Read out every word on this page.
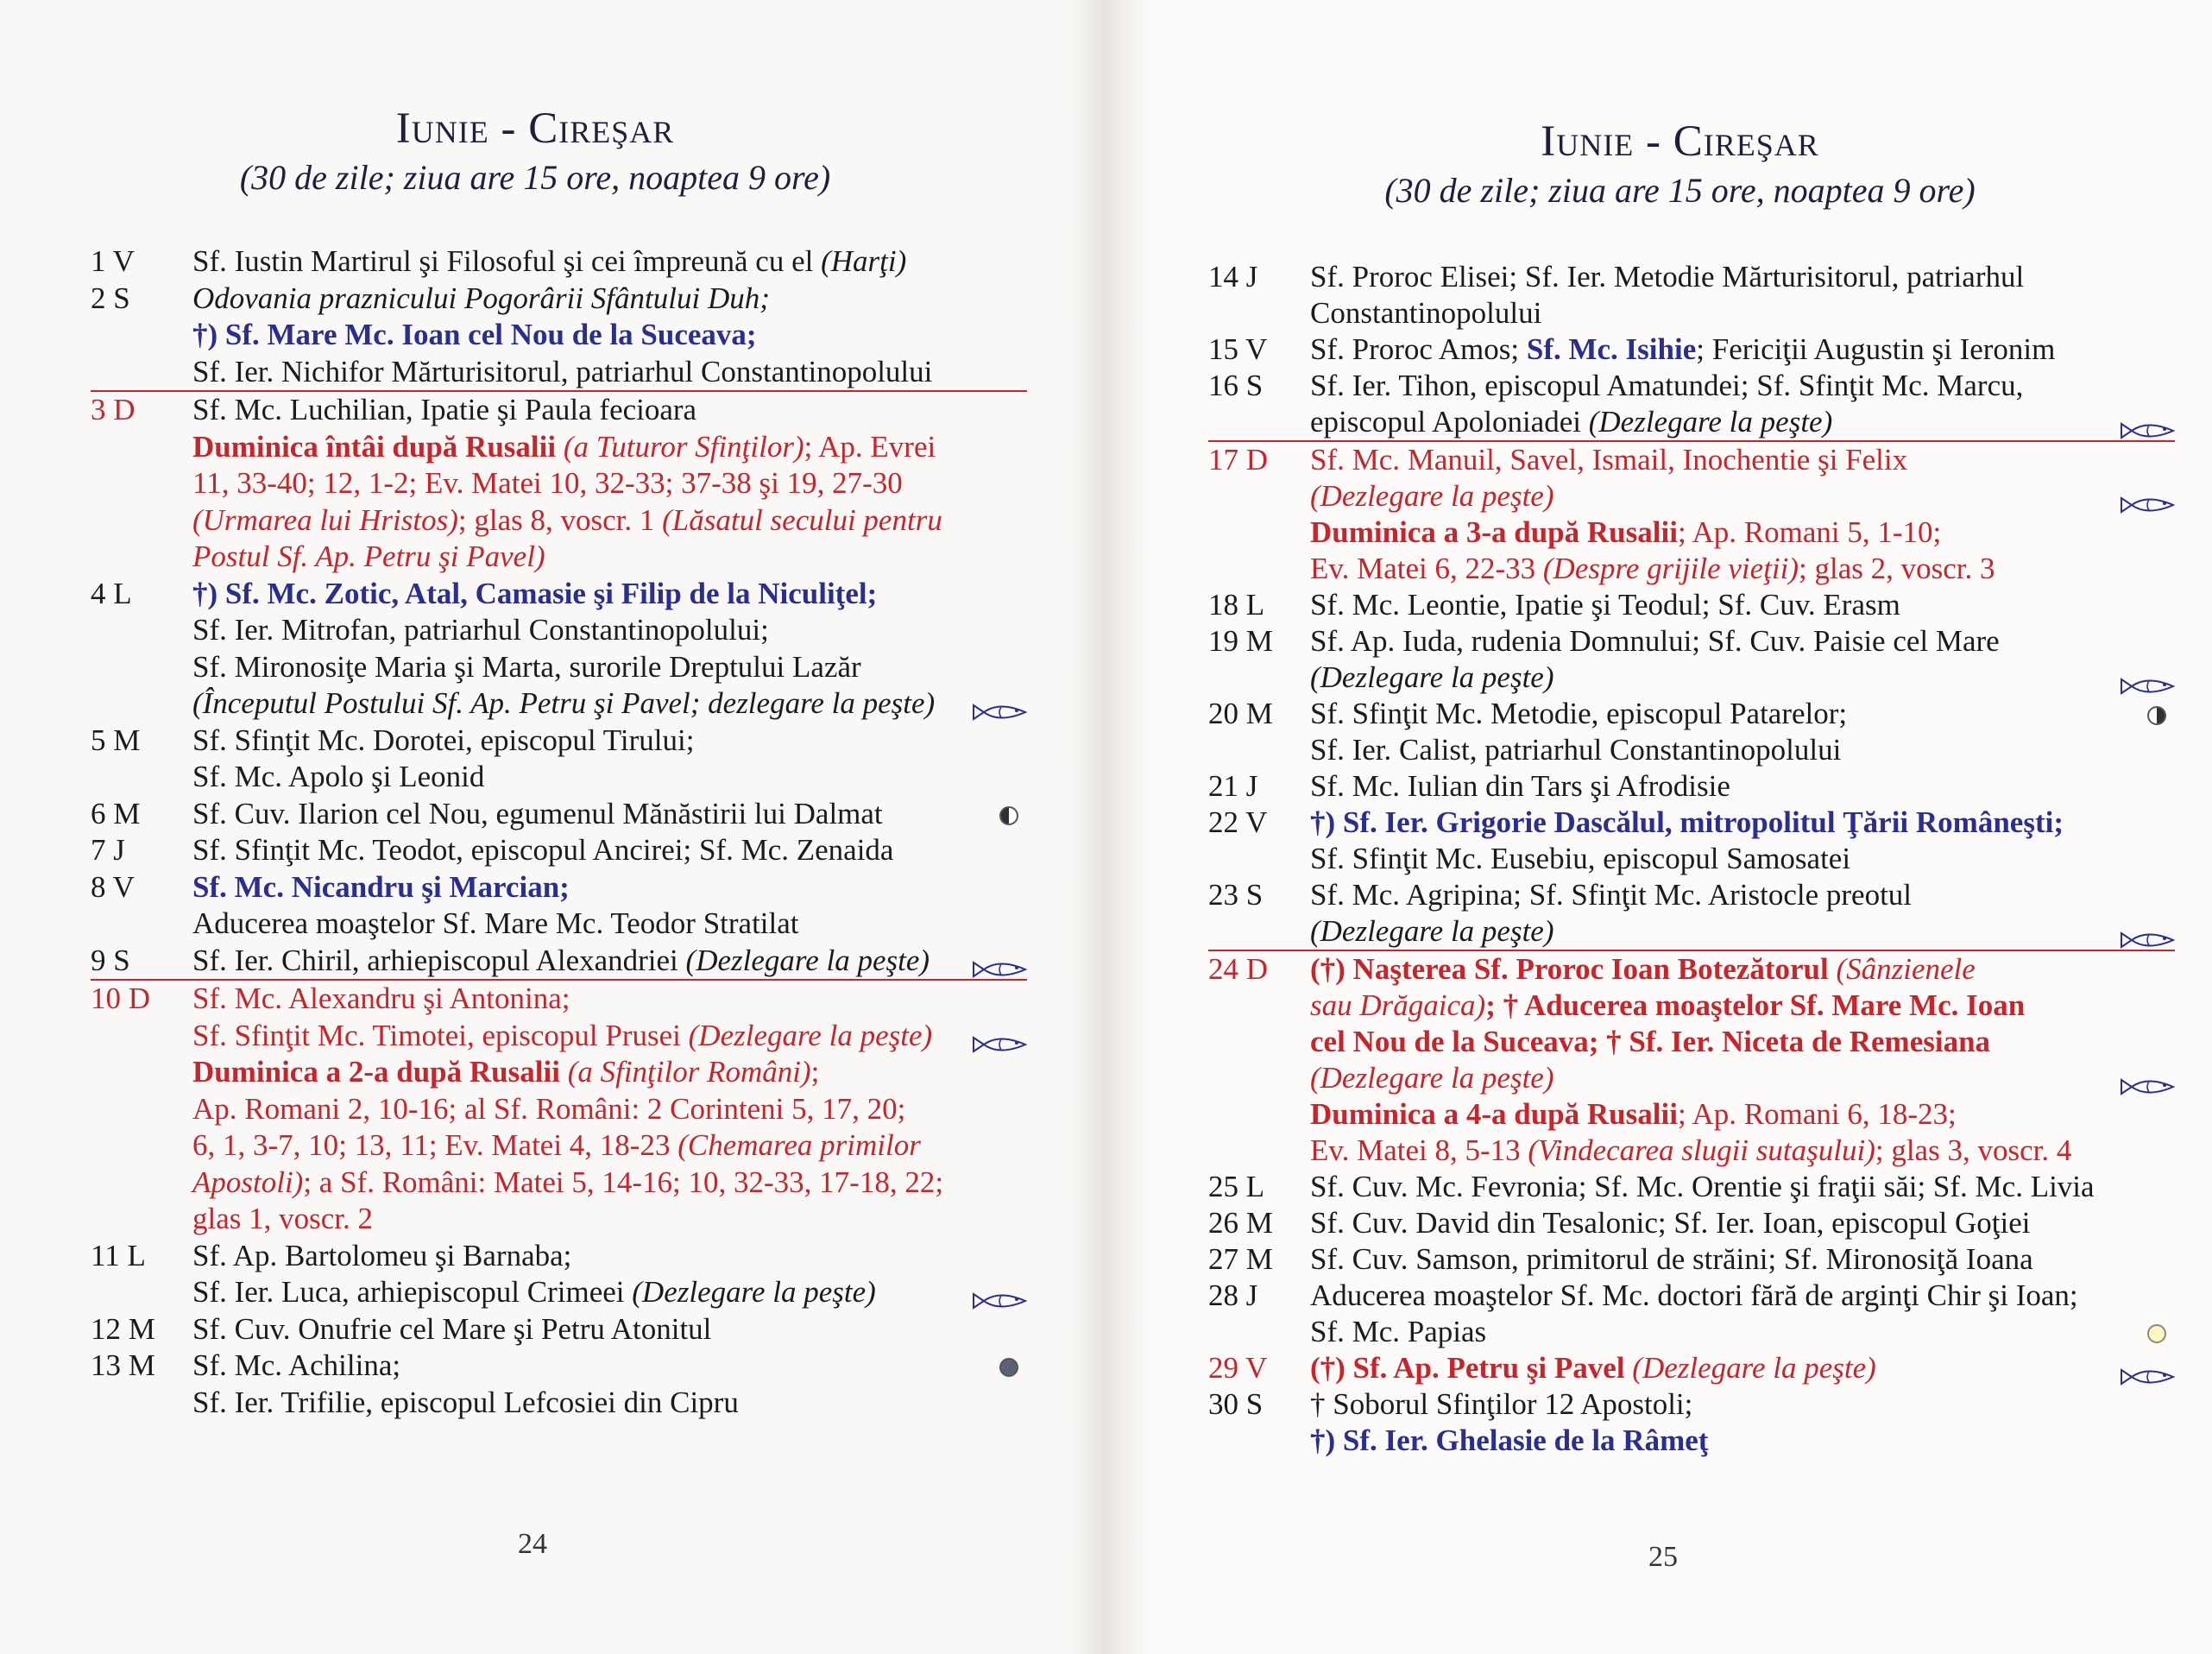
Iunie - Cireşar
(30 de zile; ziua are 15 ore, noaptea 9 ore)
1 V	Sf. Iustin Martirul şi Filosoful şi cei împreună cu el (Harţi)
2 S	Odovania praznicului Pogorârii Sfântului Duh;
†) Sf. Mare Mc. Ioan cel Nou de la Suceava;
Sf. Ier. Nichifor Mărturisitorul, patriarhul Constantinopolului
3 D	Sf. Mc. Luchilian, Ipatie şi Paula fecioara
Duminica întâi după Rusalii (a Tuturor Sfinţilor); Ap. Evrei
11, 33-40; 12, 1-2; Ev. Matei 10, 32-33; 37-38 şi 19, 27-30
(Urmarea lui Hristos); glas 8, voscr. 1 (Lăsatul secului pentru
Postul Sf. Ap. Petru şi Pavel)
4 L	†) Sf. Mc. Zotic, Atal, Camasie şi Filip de la Niculiţel;
Sf. Ier. Mitrofan, patriarhul Constantinopolului;
Sf. Mironosiţe Maria şi Marta, surorile Dreptului Lazăr
(Începutul Postului Sf. Ap. Petru şi Pavel; dezlegare la peşte)
5 M	Sf. Sfinţit Mc. Dorotei, episcopul Tirului;
Sf. Mc. Apolo şi Leonid
6 M	Sf. Cuv. Ilarion cel Nou, egumenul Mănăstirii lui Dalmat
7 J	Sf. Sfinţit Mc. Teodot, episcopul Ancirei; Sf. Mc. Zenaida
8 V	Sf. Mc. Nicandru şi Marcian;
Aducerea moaştelor Sf. Mare Mc. Teodor Stratilat
9 S	Sf. Ier. Chiril, arhiepiscopul Alexandriei (Dezlegare la peşte)
10 D	Sf. Mc. Alexandru şi Antonina;
Sf. Sfinţit Mc. Timotei, episcopul Prusei (Dezlegare la peşte)
Duminica a 2-a după Rusalii (a Sfinţilor Români);
Ap. Romani 2, 10-16; al Sf. Români: 2 Corinteni 5, 17, 20;
6, 1, 3-7, 10; 13, 11; Ev. Matei 4, 18-23 (Chemarea primilor
Apostoli); a Sf. Români: Matei 5, 14-16; 10, 32-33, 17-18, 22;
glas 1, voscr. 2
11 L	Sf. Ap. Bartolomeu şi Barnaba;
Sf. Ier. Luca, arhiepiscopul Crimeei (Dezlegare la peşte)
12 M	Sf. Cuv. Onufrie cel Mare şi Petru Atonitul
13 M	Sf. Mc. Achilina;
Sf. Ier. Trifilie, episcopul Lefcosiei din Cipru
24
Iunie - Cireşar
(30 de zile; ziua are 15 ore, noaptea 9 ore)
14 J	Sf. Proroc Elisei; Sf. Ier. Metodie Mărturisitorul, patriarhul
Constantinopolului
15 V	Sf. Proroc Amos; Sf. Mc. Isihie; Fericiţii Augustin şi Ieronim
16 S	Sf. Ier. Tihon, episcopul Amatundei; Sf. Sfinţit Mc. Marcu,
episcopul Apoloniadei (Dezlegare la peşte)
17 D	Sf. Mc. Manuil, Savel, Ismail, Inochentie şi Felix
(Dezlegare la peşte)
Duminica a 3-a după Rusalii; Ap. Romani 5, 1-10;
Ev. Matei 6, 22-33 (Despre grijile vieţii); glas 2, voscr. 3
18 L	Sf. Mc. Leontie, Ipatie şi Teodul; Sf. Cuv. Erasm
19 M	Sf. Ap. Iuda, rudenia Domnului; Sf. Cuv. Paisie cel Mare
(Dezlegare la peşte)
20 M	Sf. Sfinţit Mc. Metodie, episcopul Patarelor;
Sf. Ier. Calist, patriarhul Constantinopolului
21 J	Sf. Mc. Iulian din Tars şi Afrodisie
22 V	†) Sf. Ier. Grigorie Dascălul, mitropolitul Ţării Româneşti;
Sf. Sfinţit Mc. Eusebiu, episcopul Samosatei
23 S	Sf. Mc. Agripina; Sf. Sfinţit Mc. Aristocle preotul
(Dezlegare la peşte)
24 D	(†) Naşterea Sf. Proroc Ioan Botezătorul (Sânzienele
sau Drăgaica); † Aducerea moaştelor Sf. Mare Mc. Ioan
cel Nou de la Suceava; † Sf. Ier. Niceta de Remesiana
(Dezlegare la peşte)
Duminica a 4-a după Rusalii; Ap. Romani 6, 18-23;
Ev. Matei 8, 5-13 (Vindecarea slugii sutaşului); glas 3, voscr. 4
25 L	Sf. Cuv. Mc. Fevronia; Sf. Mc. Orentie şi fraţii săi; Sf. Mc. Livia
26 M	Sf. Cuv. David din Tesalonic; Sf. Ier. Ioan, episcopul Goţiei
27 M	Sf. Cuv. Samson, primitorul de străini; Sf. Mironosiţă Ioana
28 J	Aducerea moaştelor Sf. Mc. doctori fără de arginţi Chir şi Ioan;
Sf. Mc. Papias
29 V	(†) Sf. Ap. Petru şi Pavel (Dezlegare la peşte)
30 S	† Soborul Sfinţilor 12 Apostoli;
†) Sf. Ier. Ghelasie de la Râmeţ
25
